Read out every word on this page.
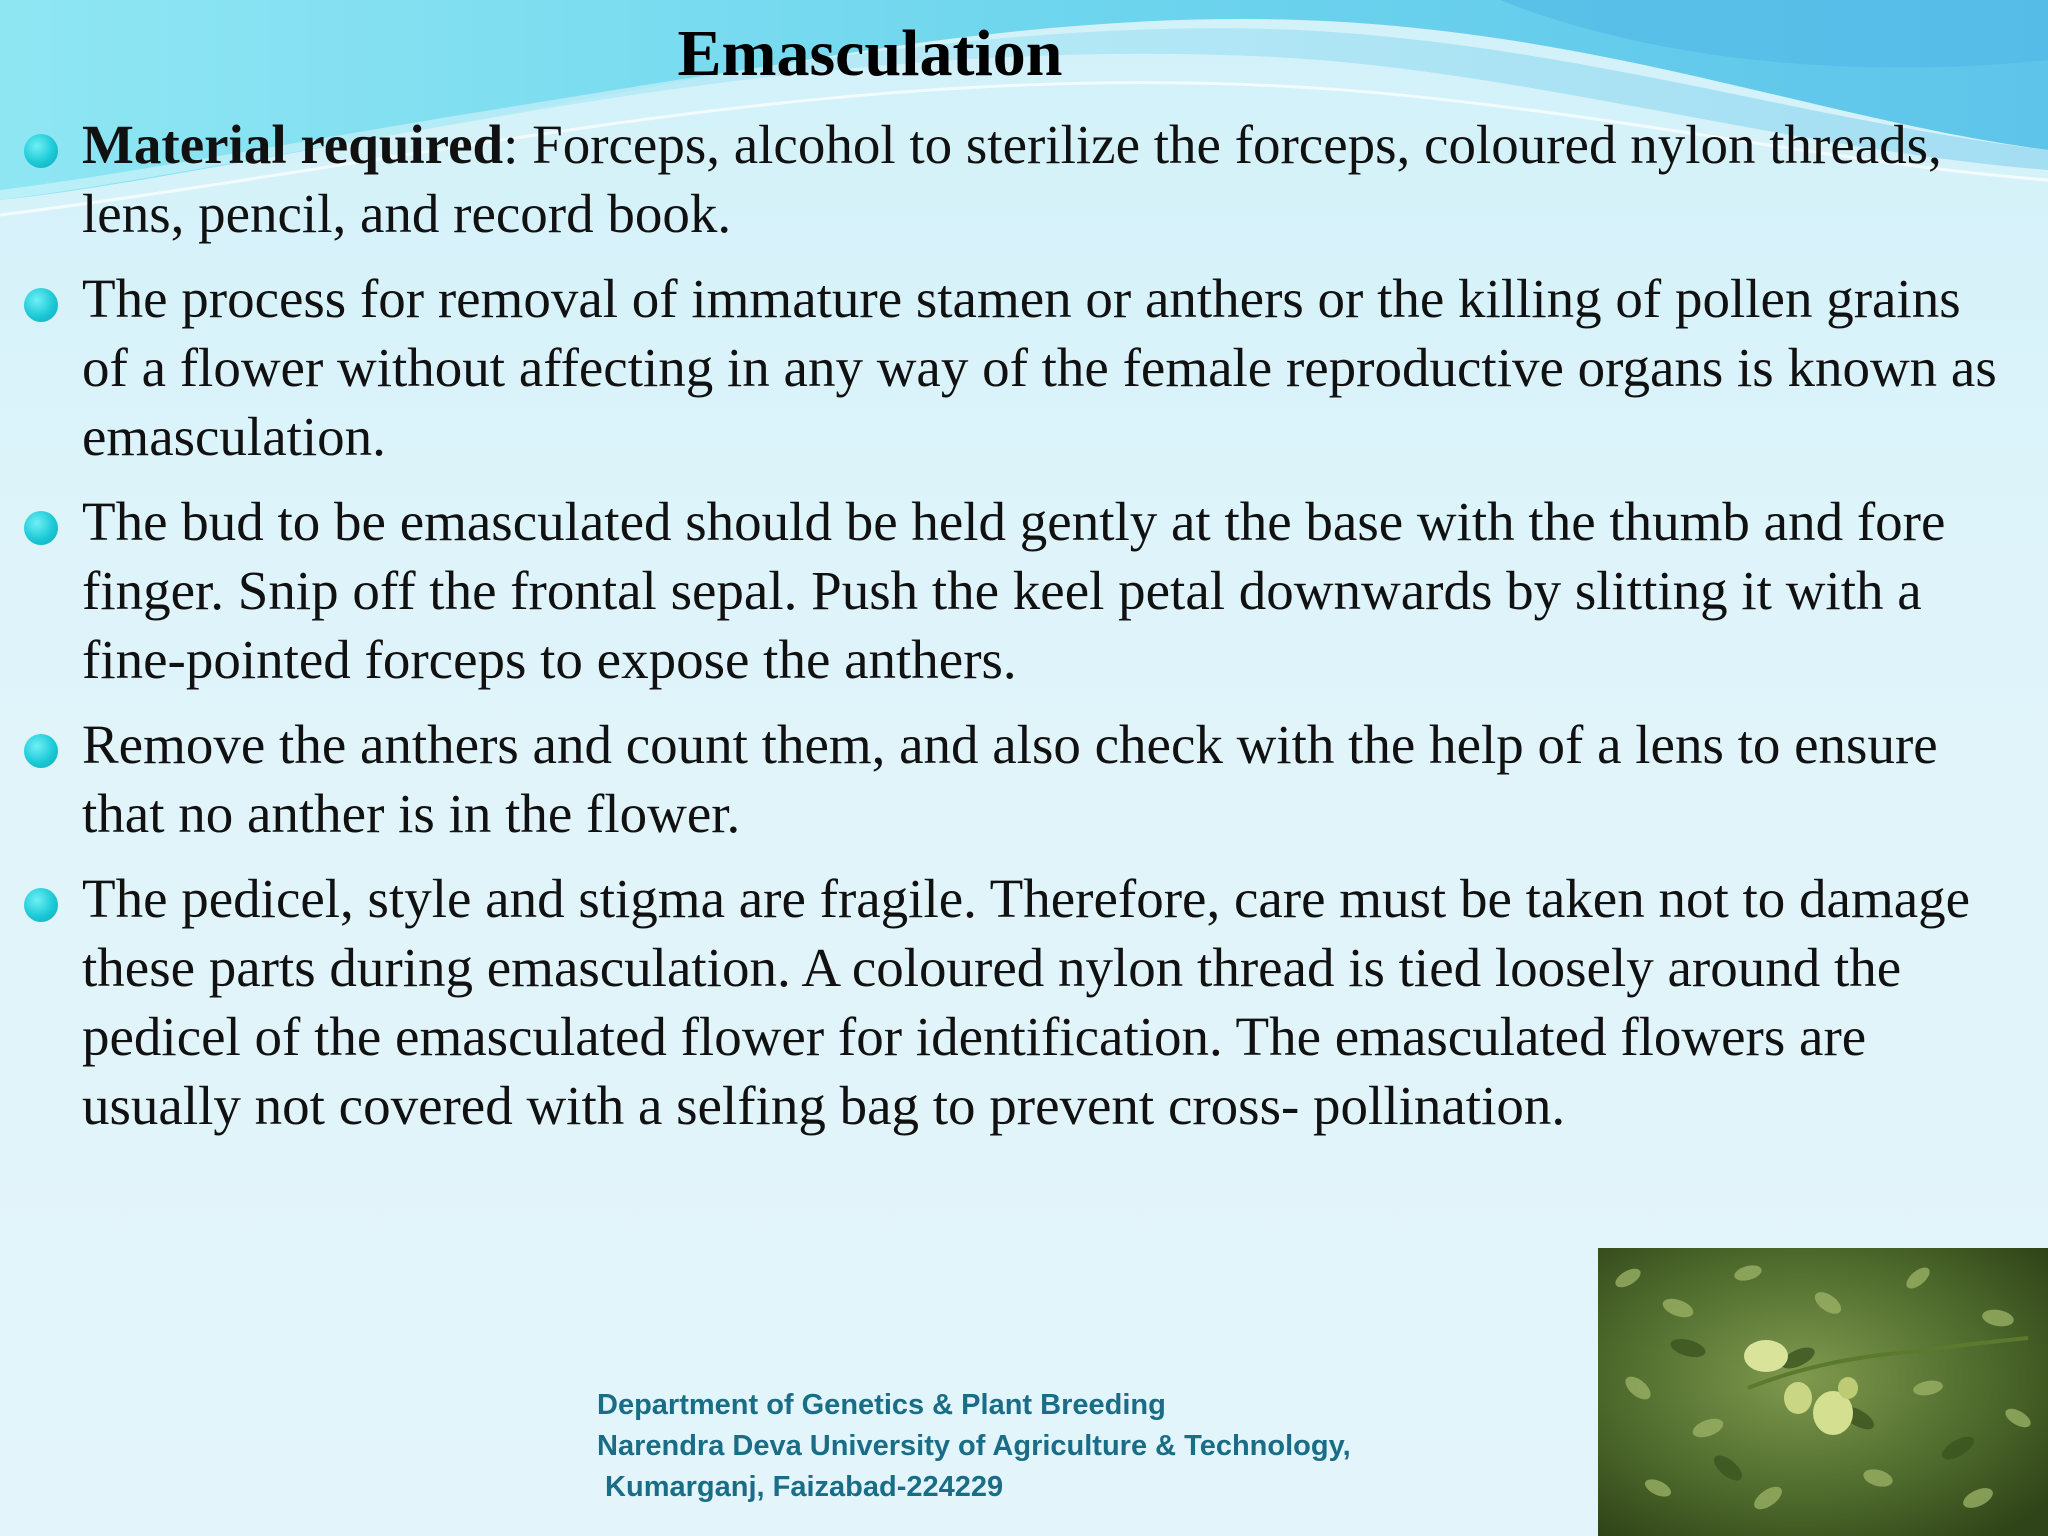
Emasculation
Material required: Forceps, alcohol to sterilize the forceps, coloured nylon threads, lens, pencil, and record book.
The process for removal of immature stamen or anthers or the killing of pollen grains of a flower without affecting in any way of the female reproductive organs is known as emasculation.
The bud to be emasculated should be held gently at the base with the thumb and fore finger. Snip off the frontal sepal. Push the keel petal downwards by slitting it with a fine-pointed forceps to expose the anthers.
Remove the anthers and count them, and also check with the help of a lens to ensure that no anther is in the flower.
The pedicel, style and stigma are fragile. Therefore, care must be taken not to damage these parts during emasculation. A coloured nylon thread is tied loosely around the pedicel of the emasculated flower for identification. The emasculated flowers are usually not covered with a selfing bag to prevent cross- pollination.
Department of Genetics & Plant Breeding
Narendra Deva University of Agriculture & Technology,
Kumarganj, Faizabad-224229
